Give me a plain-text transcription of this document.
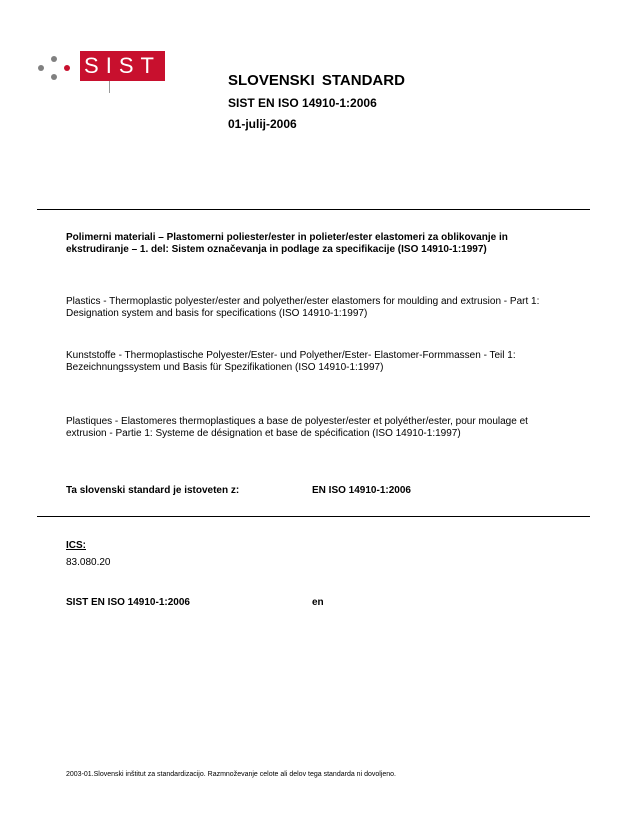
SIST
SLOVENSKI STANDARD
SIST EN ISO 14910-1:2006
01-julij-2006
Polimerni materiali – Plastomerni poliester/ester in polieter/ester elastomeri za oblikovanje in ekstrudiranje – 1. del: Sistem označevanja in podlage za specifikacije (ISO 14910-1:1997)
Plastics - Thermoplastic polyester/ester and polyether/ester elastomers for moulding and extrusion - Part 1: Designation system and basis for specifications (ISO 14910-1:1997)
Kunststoffe - Thermoplastische Polyester/Ester- und Polyether/Ester- Elastomer-Formmassen - Teil 1: Bezeichnungssystem und Basis für Spezifikationen (ISO 14910-1:1997)
Plastiques - Elastomeres thermoplastiques a base de polyester/ester et polyéther/ester, pour moulage et extrusion - Partie 1: Systeme de désignation et base de spécification (ISO 14910-1:1997)
Ta slovenski standard je istoveten z:	EN ISO 14910-1:2006
ICS:
83.080.20
SIST EN ISO 14910-1:2006	en
2003-01.Slovenski inštitut za standardizacijo. Razmnoževanje celote ali delov tega standarda ni dovoljeno.
